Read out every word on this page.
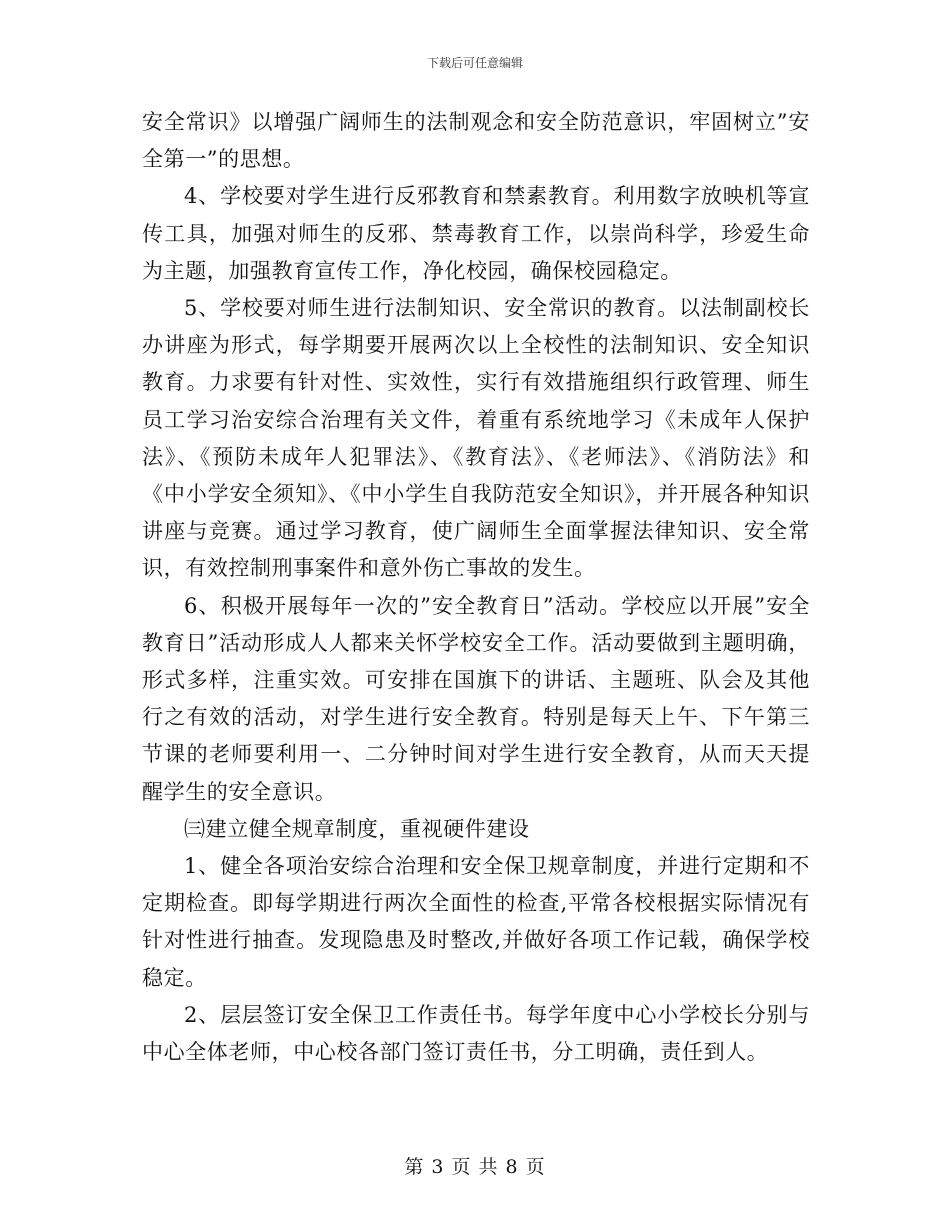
下载后可任意编辑

安全常识》以增强广阔师生的法制观念和安全防范意识，牢固树立”安全第一”的思想。

4、学校要对学生进行反邪教育和禁素教育。利用数字放映机等宣传工具，加强对师生的反邪、禁毒教育工作，以崇尚科学，珍爱生命为主题，加强教育宣传工作，净化校园，确保校园稳定。

5、学校要对师生进行法制知识、安全常识的教育。以法制副校长办讲座为形式，每学期要开展两次以上全校性的法制知识、安全知识教育。力求要有针对性、实效性，实行有效措施组织行政管理、师生员工学习治安综合治理有关文件，着重有系统地学习《未成年人保护法》、《预防未成年人犯罪法》、《教育法》、《老师法》、《消防法》和《中小学安全须知》、《中小学生自我防范安全知识》，并开展各种知识讲座与竞赛。通过学习教育，使广阔师生全面掌握法律知识、安全常识，有效控制刑事案件和意外伤亡事故的发生。

6、积极开展每年一次的”安全教育日”活动。学校应以开展”安全教育日”活动形成人人都来关怀学校安全工作。活动要做到主题明确，形式多样，注重实效。可安排在国旗下的讲话、主题班、队会及其他行之有效的活动，对学生进行安全教育。特别是每天上午、下午第三节课的老师要利用一、二分钟时间对学生进行安全教育，从而天天提醒学生的安全意识。

㈢建立健全规章制度，重视硬件建设

1、健全各项治安综合治理和安全保卫规章制度，并进行定期和不定期检查。即每学期进行两次全面性的检查,平常各校根据实际情况有针对性进行抽查。发现隐患及时整改,并做好各项工作记载，确保学校稳定。

2、层层签订安全保卫工作责任书。每学年度中心小学校长分别与中心全体老师，中心校各部门签订责任书，分工明确，责任到人。

第 3 页 共 8 页
